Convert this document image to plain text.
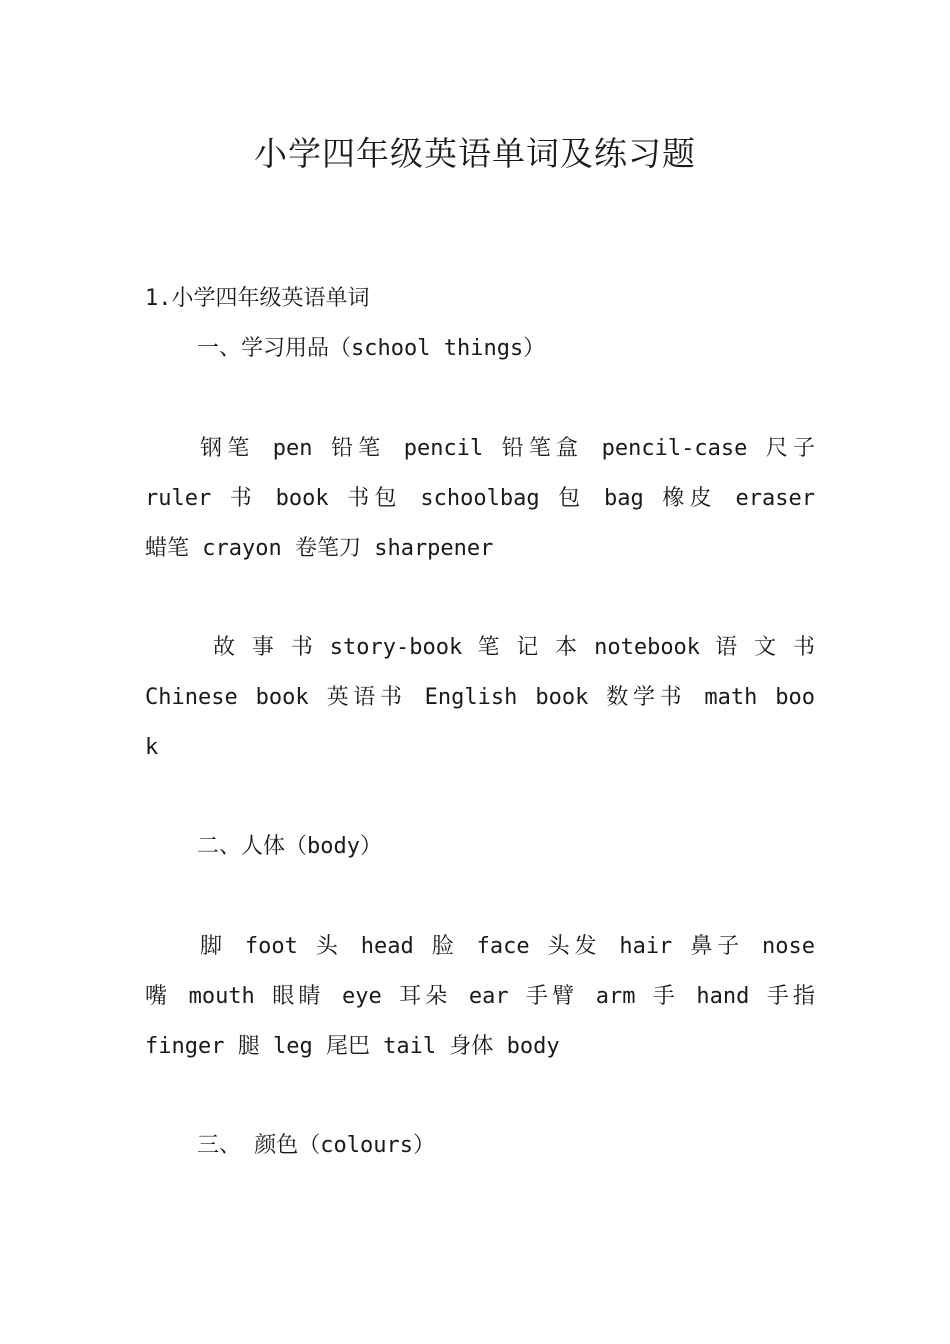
小学四年级英语单词及练习题
1.小学四年级英语单词
一、学习用品（school things）
钢笔 pen 铅笔 pencil 铅笔盒 pencil-case 尺子
ruler 书 book 书包 schoolbag 包 bag 橡皮 eraser
蜡笔 crayon 卷笔刀 sharpener
故 事 书 story-book 笔 记 本 notebook 语 文 书
Chinese book 英语书 English book 数学书 math boo
k
二、人体（body）
脚 foot 头 head 脸 face 头发 hair 鼻子 nose
嘴 mouth 眼睛 eye 耳朵 ear 手臂 arm 手 hand 手指
finger 腿 leg 尾巴 tail 身体 body
三、 颜色（colours）
